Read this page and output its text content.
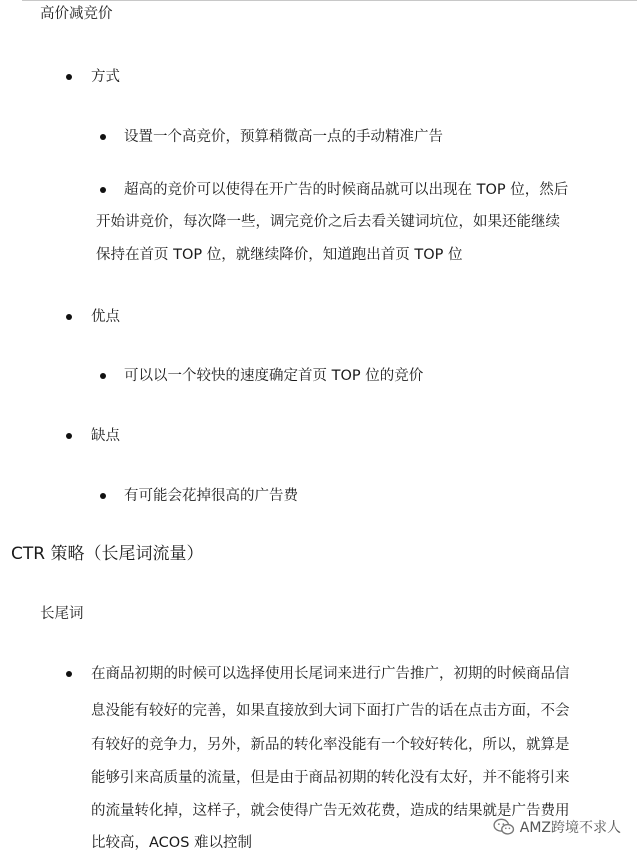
高价减竞价
方式
设置一个高竞价，预算稍微高一点的手动精准广告
超高的竞价可以使得在开广告的时候商品就可以出现在 TOP 位，然后
开始讲竞价，每次降一些，调完竞价之后去看关键词坑位，如果还能继续
保持在首页 TOP 位，就继续降价，知道跑出首页 TOP 位
优点
可以以一个较快的速度确定首页 TOP 位的竞价
缺点
有可能会花掉很高的广告费
CTR 策略（长尾词流量）
长尾词
在商品初期的时候可以选择使用长尾词来进行广告推广，初期的时候商品信
息没能有较好的完善，如果直接放到大词下面打广告的话在点击方面，不会
有较好的竞争力，另外，新品的转化率没能有一个较好转化，所以，就算是
能够引来高质量的流量，但是由于商品初期的转化没有太好，并不能将引来
的流量转化掉，这样子，就会使得广告无效花费，造成的结果就是广告费用
比较高，ACOS 难以控制
AMZ跨境不求人
